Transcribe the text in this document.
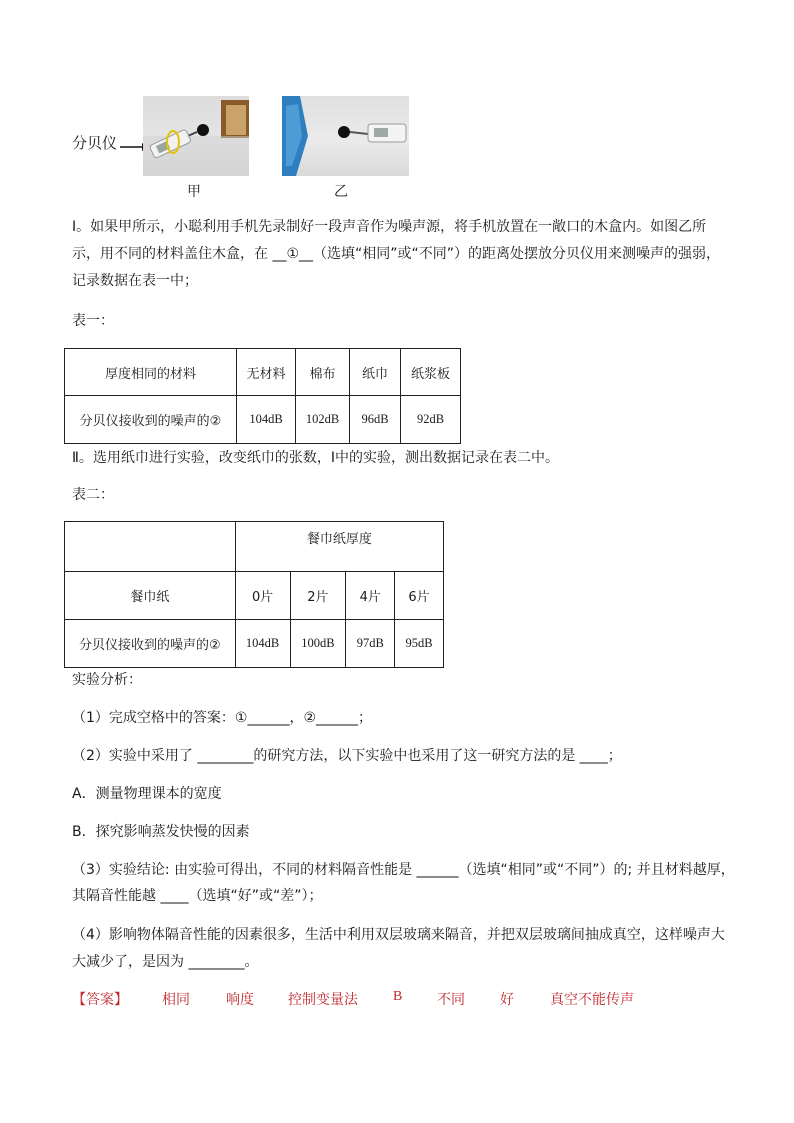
分贝仪
甲	乙
Ⅰ。如果甲所示，小聪利用手机先录制好一段声音作为噪声源，将手机放置在一敞口的木盒内。如图乙所
示，用不同的材料盖住木盒，在 __①__（选填“相同”或“不同”）的距离处摆放分贝仪用来测噪声的强弱，
记录数据在表一中；
表一：
厚度相同的材料	无材料	棉布	纸巾	纸浆板
分贝仪接收到的噪声的②	104dB	102dB	96dB	92dB
Ⅱ。选用纸巾进行实验，改变纸巾的张数，Ⅰ中的实验，测出数据记录在表二中。
表二：
	餐巾纸厚度			
餐巾纸	0片	2片	4片	6片
分贝仪接收到的噪声的②	104dB	100dB	97dB	95dB
实验分析：
（1）完成空格中的答案：①______，②______；
（2）实验中采用了 ________的研究方法，以下实验中也采用了这一研究方法的是 ____；
A．测量物理课本的宽度
B．探究影响蒸发快慢的因素
（3）实验结论: 由实验可得出，不同的材料隔音性能是 ______（选填“相同”或“不同”）的; 并且材料越厚，
其隔音性能越 ____（选填“好”或“差”）；
（4）影响物体隔音性能的因素很多，生活中利用双层玻璃来隔音，并把双层玻璃间抽成真空，这样噪声大
大减少了，是因为 ________。
【答案】 相同	响度 控制变量法	B 不同	好	真空不能传声
